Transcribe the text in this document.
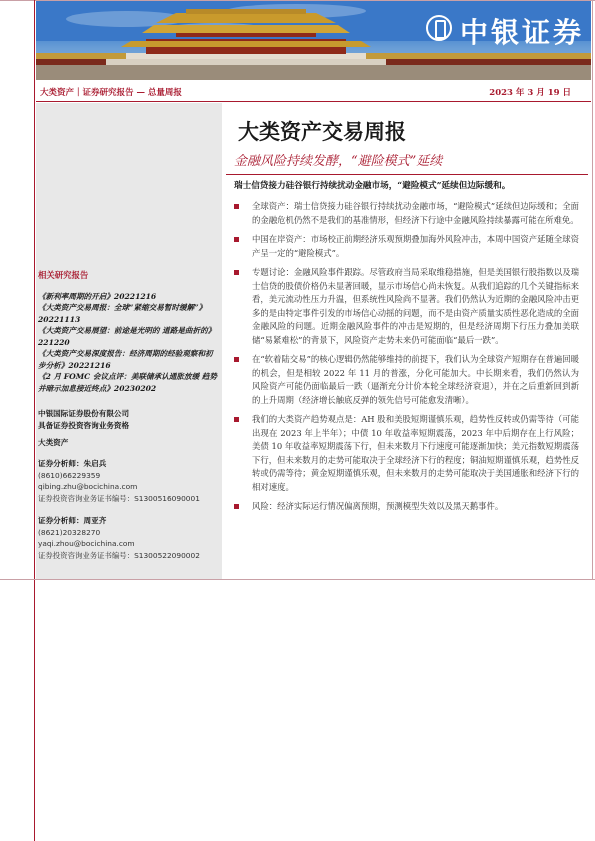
中银证券
大类资产｜证券研究报告 — 总量周报	2023 年 3 月 19 日
相关研究报告
《新利率周期的开启》20221216
《大类资产交易周报：全球“紧缩交易暂时缓解”》20221113
《大类资产交易展望：前途是光明的 道路是曲折的》221220
《大类资产交易深度报告：经济周期的经验观察和初步分析》20221216
《2 月 FOMC 会议点评：美联储承认通胀放缓 趋势并暗示加息接近终点》20230202
中银国际证券股份有限公司
具备证券投资咨询业务资格
大类资产
证券分析师：朱启兵
(8610)66229359
qibing.zhu@bocichina.com
证券投资咨询业务证书编号：S1300516090001
证券分析师：周亚齐
(8621)20328270
yaqi.zhou@bocichina.com
证券投资咨询业务证书编号：S1300522090002
大类资产交易周报
金融风险持续发酵，“避险模式”延续
瑞士信贷接力硅谷银行持续扰动金融市场，“避险模式”延续但边际缓和。
全球资产：瑞士信贷接力硅谷银行持续扰动金融市场，“避险模式”延续但边际缓和；全面的金融危机仍然不是我们的基准情形，但经济下行途中金融风险持续暴露可能在所难免。
中国在岸资产：市场校正前期经济乐观预期叠加海外风险冲击，本周中国资产延随全球资产呈一定的“避险模式”。
专题讨论：金融风险事件跟踪。尽管政府当局采取维稳措施，但是美国银行股指数以及瑞士信贷的股债价格仍未显著回暖，显示市场信心尚未恢复。从我们追踪的几个关键指标来看，美元流动性压力升温，但系统性风险尚不显著。我们仍然认为近期的金融风险冲击更多的是由特定事件引发的市场信心动摇的问题，而不是由资产质量实质性恶化造成的全面金融风险的问题。近期金融风险事件的冲击是短期的，但是经济周期下行压力叠加美联储“易紧难松”的背景下，风险资产走势未来仍可能面临“最后一跌”。
在“软着陆交易”的核心逻辑仍然能够维持的前提下，我们认为全球资产短期存在普遍回暖的机会，但是相较 2022 年 11 月的普涨，分化可能加大。中长期来看，我们仍然认为风险资产可能仍面临最后一跌（逼渐充分计价本轮全球经济衰退），并在之后重新回到新的上升周期（经济增长触底反弹的领先信号可能愈发清晰）。
我们的大类资产趋势观点是：AH 股和美股短期谨慎乐观，趋势性反转或仍需等待（可能出现在 2023 年上半年）；中债 10 年收益率短期震荡，2023 年中后期存在上行风险；美债 10 年收益率短期震荡下行，但未来数月下行速度可能逐渐加快；美元指数短期震荡下行，但未来数月的走势可能取决于全球经济下行的程度；铜油短期谨慎乐观，趋势性反转或仍需等待；黄金短期谨慎乐观，但未来数月的走势可能取决于美国通胀和经济下行的相对速度。
风险：经济实际运行情况偏离预期，预测模型失效以及黑天鹅事件。
